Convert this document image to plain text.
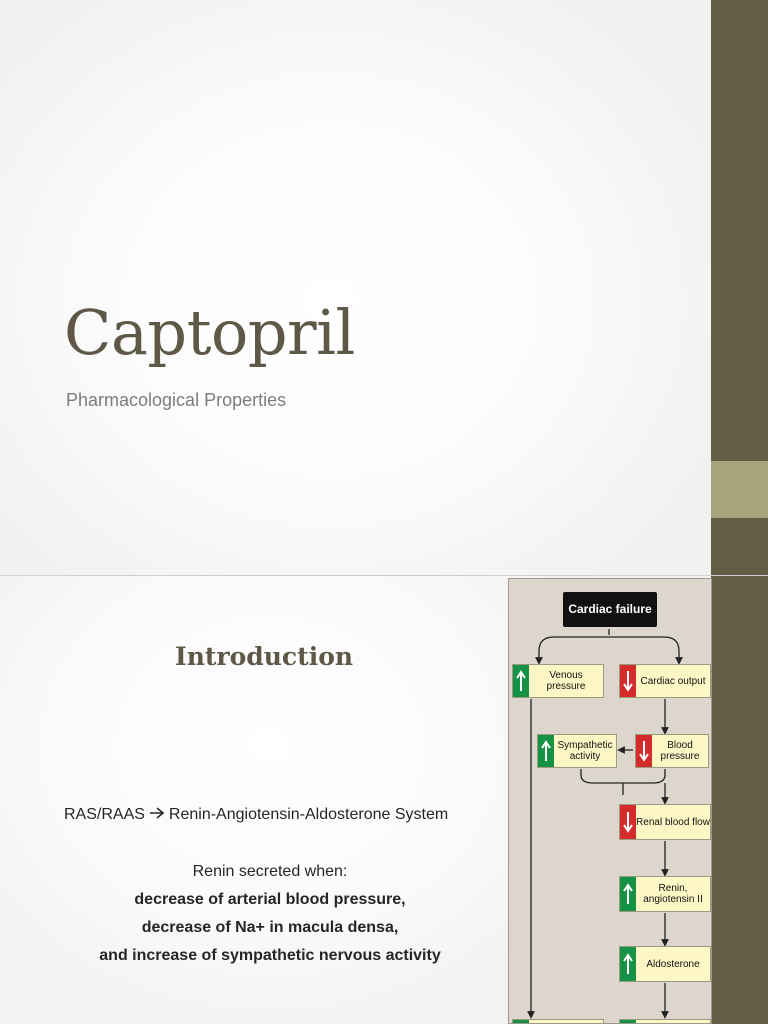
Captopril
Pharmacological Properties
Introduction
RAS/RAAS Renin-Angiotensin-Aldosterone System
Renin secreted when:
decrease of arterial blood pressure,
decrease of Na+ in macula densa,
and increase of sympathetic nervous activity
Cardiac failure
Venous pressure	Cardiac output
Sympathetic activity
Blood pressure
Renal blood flow
Renin, angiotensin II
Aldosterone
